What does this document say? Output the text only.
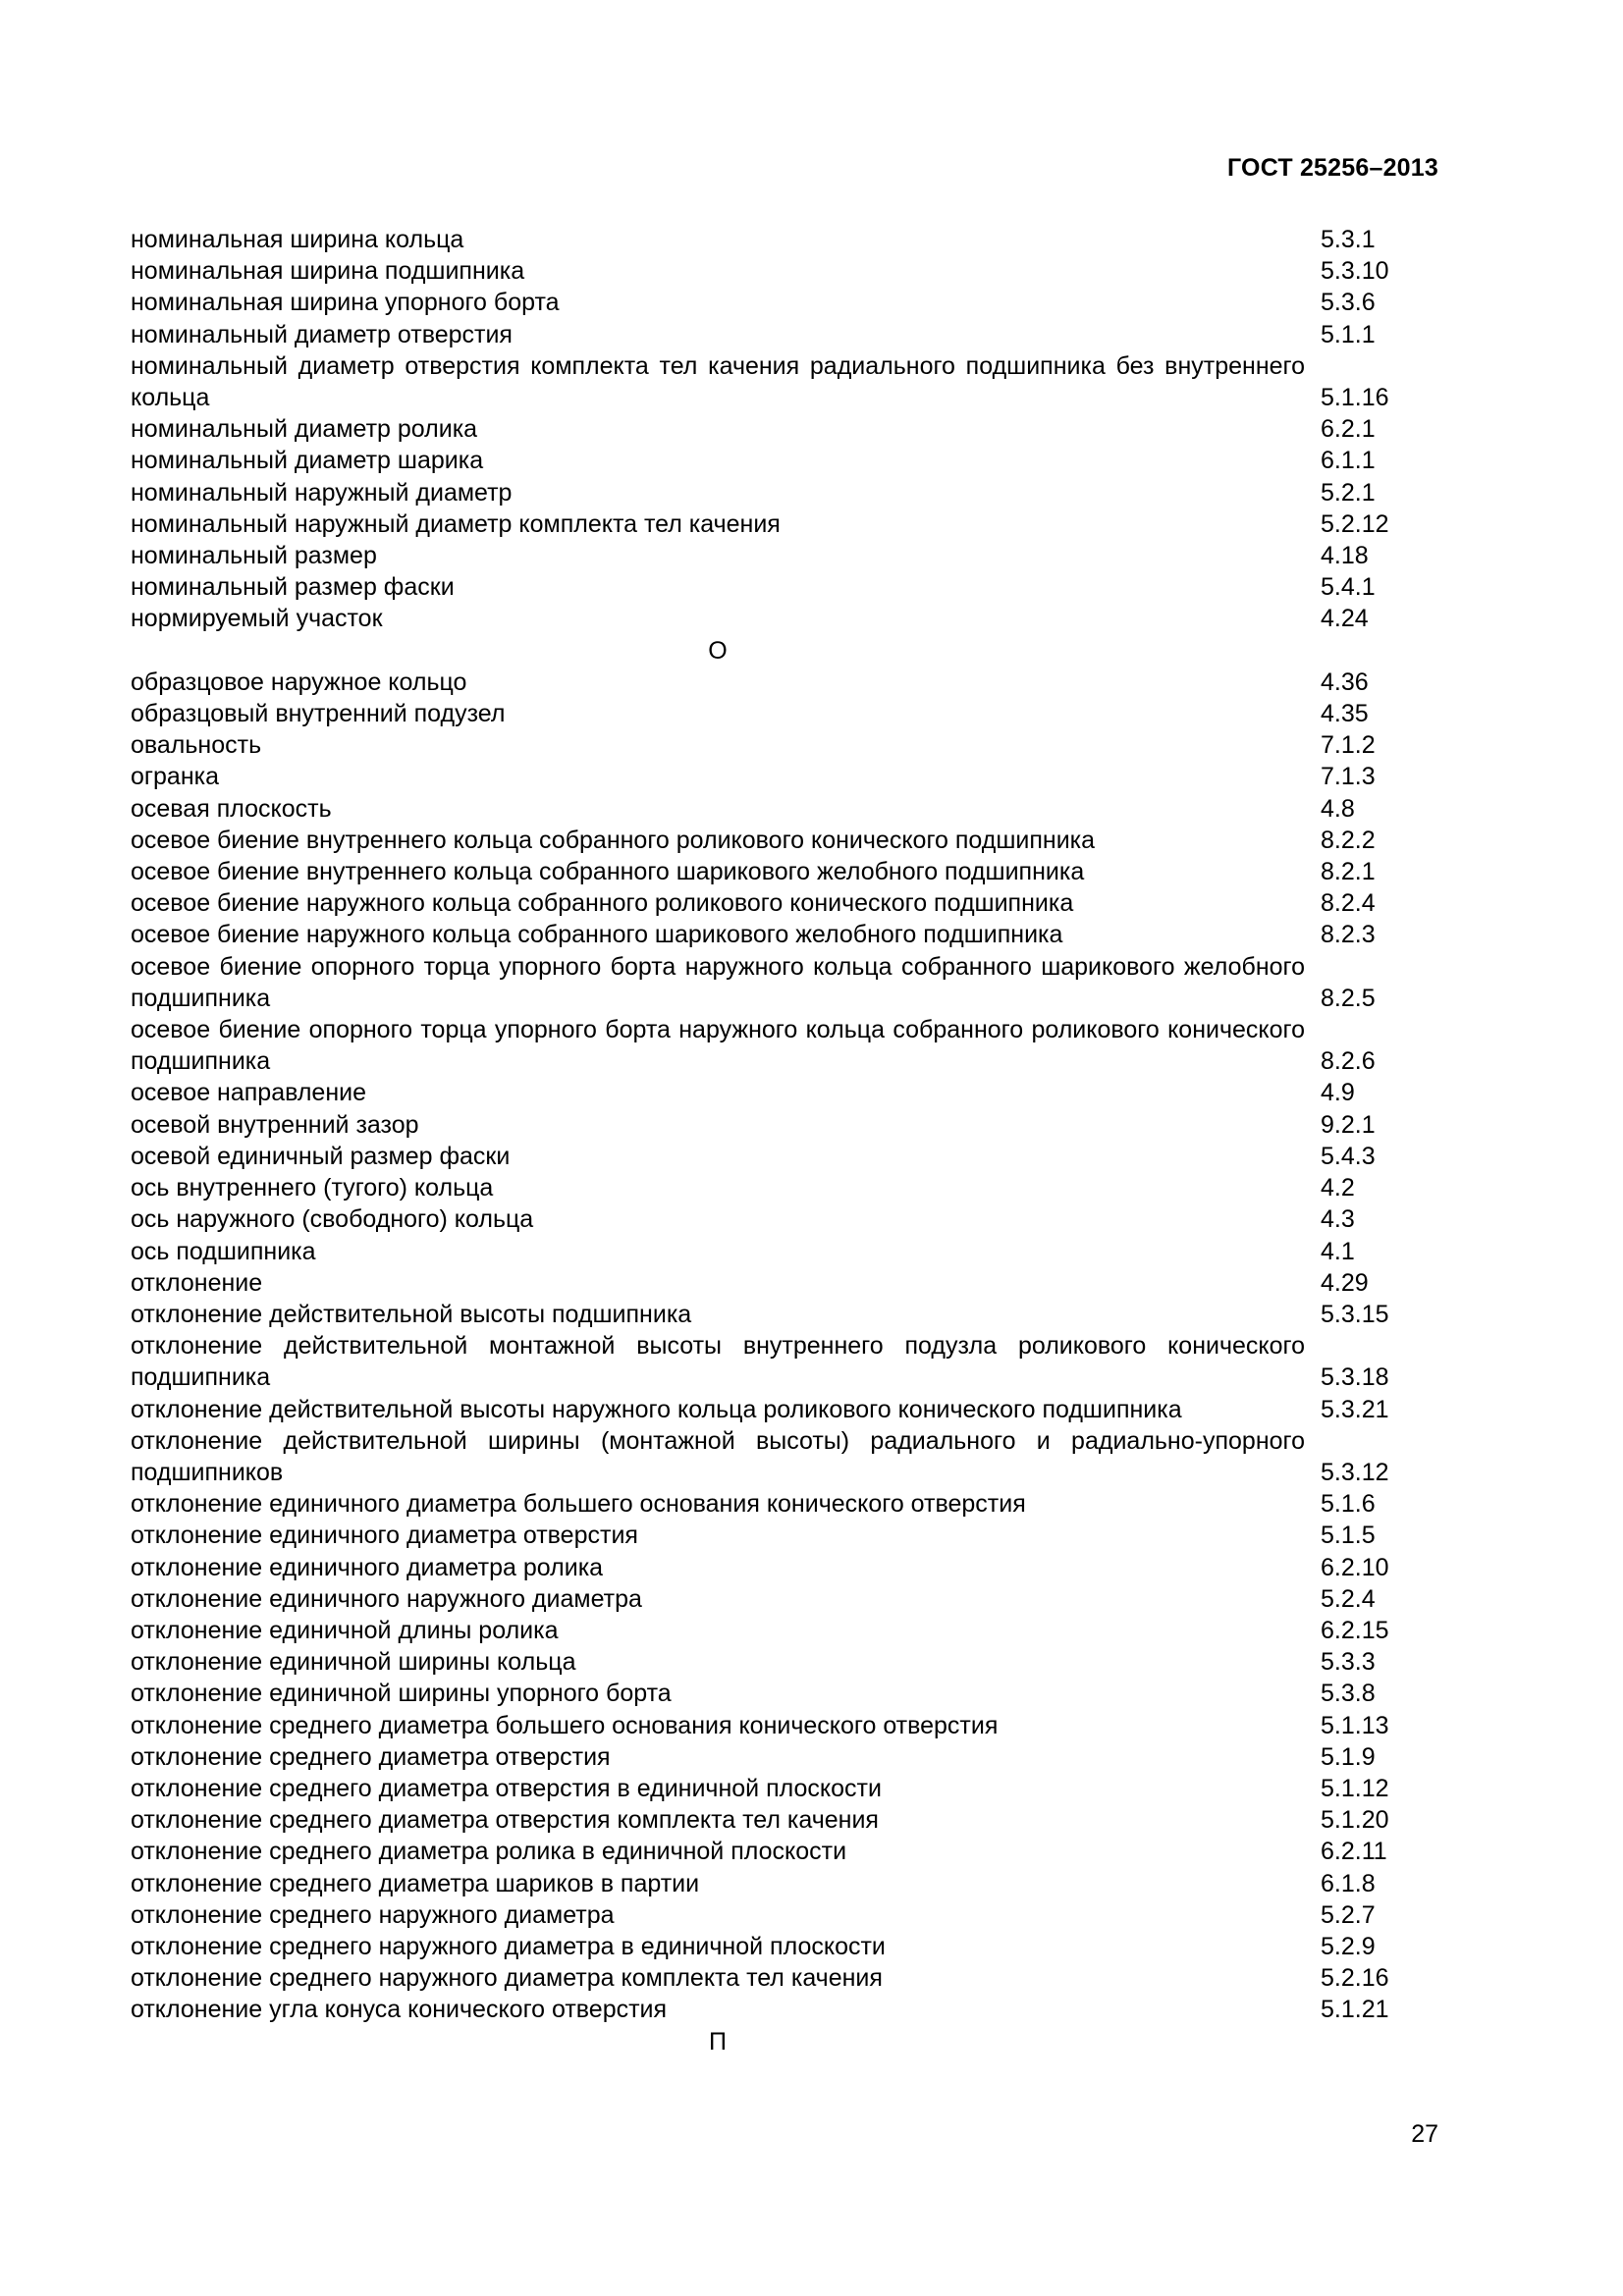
ГОСТ 25256–2013
номинальная ширина кольца	5.3.1
номинальная ширина подшипника	5.3.10
номинальная ширина упорного борта	5.3.6
номинальный диаметр отверстия	5.1.1
номинальный диаметр отверстия комплекта тел качения радиального подшипника без внутреннего кольца	5.1.16
номинальный диаметр ролика	6.2.1
номинальный диаметр шарика	6.1.1
номинальный наружный диаметр	5.2.1
номинальный наружный диаметр комплекта тел качения	5.2.12
номинальный размер	4.18
номинальный размер фаски	5.4.1
нормируемый участок	4.24
О
образцовое наружное кольцо	4.36
образцовый внутренний подузел	4.35
овальность	7.1.2
огранка	7.1.3
осевая плоскость	4.8
осевое биение внутреннего кольца собранного роликового конического подшипника	8.2.2
осевое биение внутреннего кольца собранного шарикового желобного подшипника	8.2.1
осевое биение наружного кольца собранного роликового конического подшипника	8.2.4
осевое биение наружного кольца собранного шарикового желобного подшипника	8.2.3
осевое биение опорного торца упорного борта наружного кольца собранного шарикового желобного подшипника	8.2.5
осевое биение опорного торца упорного борта наружного кольца собранного роликового конического подшипника	8.2.6
осевое направление	4.9
осевой внутренний зазор	9.2.1
осевой единичный размер фаски	5.4.3
ось внутреннего (тугого) кольца	4.2
ось наружного (свободного) кольца	4.3
ось подшипника	4.1
отклонение	4.29
отклонение действительной высоты подшипника	5.3.15
отклонение действительной монтажной высоты внутреннего подузла роликового конического подшипника	5.3.18
отклонение действительной высоты наружного кольца роликового конического подшипника	5.3.21
отклонение действительной ширины (монтажной высоты) радиального и радиально-упорного подшипников	5.3.12
отклонение единичного диаметра большего основания конического отверстия	5.1.6
отклонение единичного диаметра отверстия	5.1.5
отклонение единичного диаметра ролика	6.2.10
отклонение единичного наружного диаметра	5.2.4
отклонение единичной длины ролика	6.2.15
отклонение единичной ширины кольца	5.3.3
отклонение единичной ширины упорного борта	5.3.8
отклонение среднего диаметра большего основания конического отверстия	5.1.13
отклонение среднего диаметра отверстия	5.1.9
отклонение среднего диаметра отверстия в единичной плоскости	5.1.12
отклонение среднего диаметра отверстия комплекта тел качения	5.1.20
отклонение среднего диаметра ролика в единичной плоскости	6.2.11
отклонение среднего диаметра шариков в партии	6.1.8
отклонение среднего наружного диаметра	5.2.7
отклонение среднего наружного диаметра в единичной плоскости	5.2.9
отклонение среднего наружного диаметра комплекта тел качения	5.2.16
отклонение угла конуса конического отверстия	5.1.21
П
27
